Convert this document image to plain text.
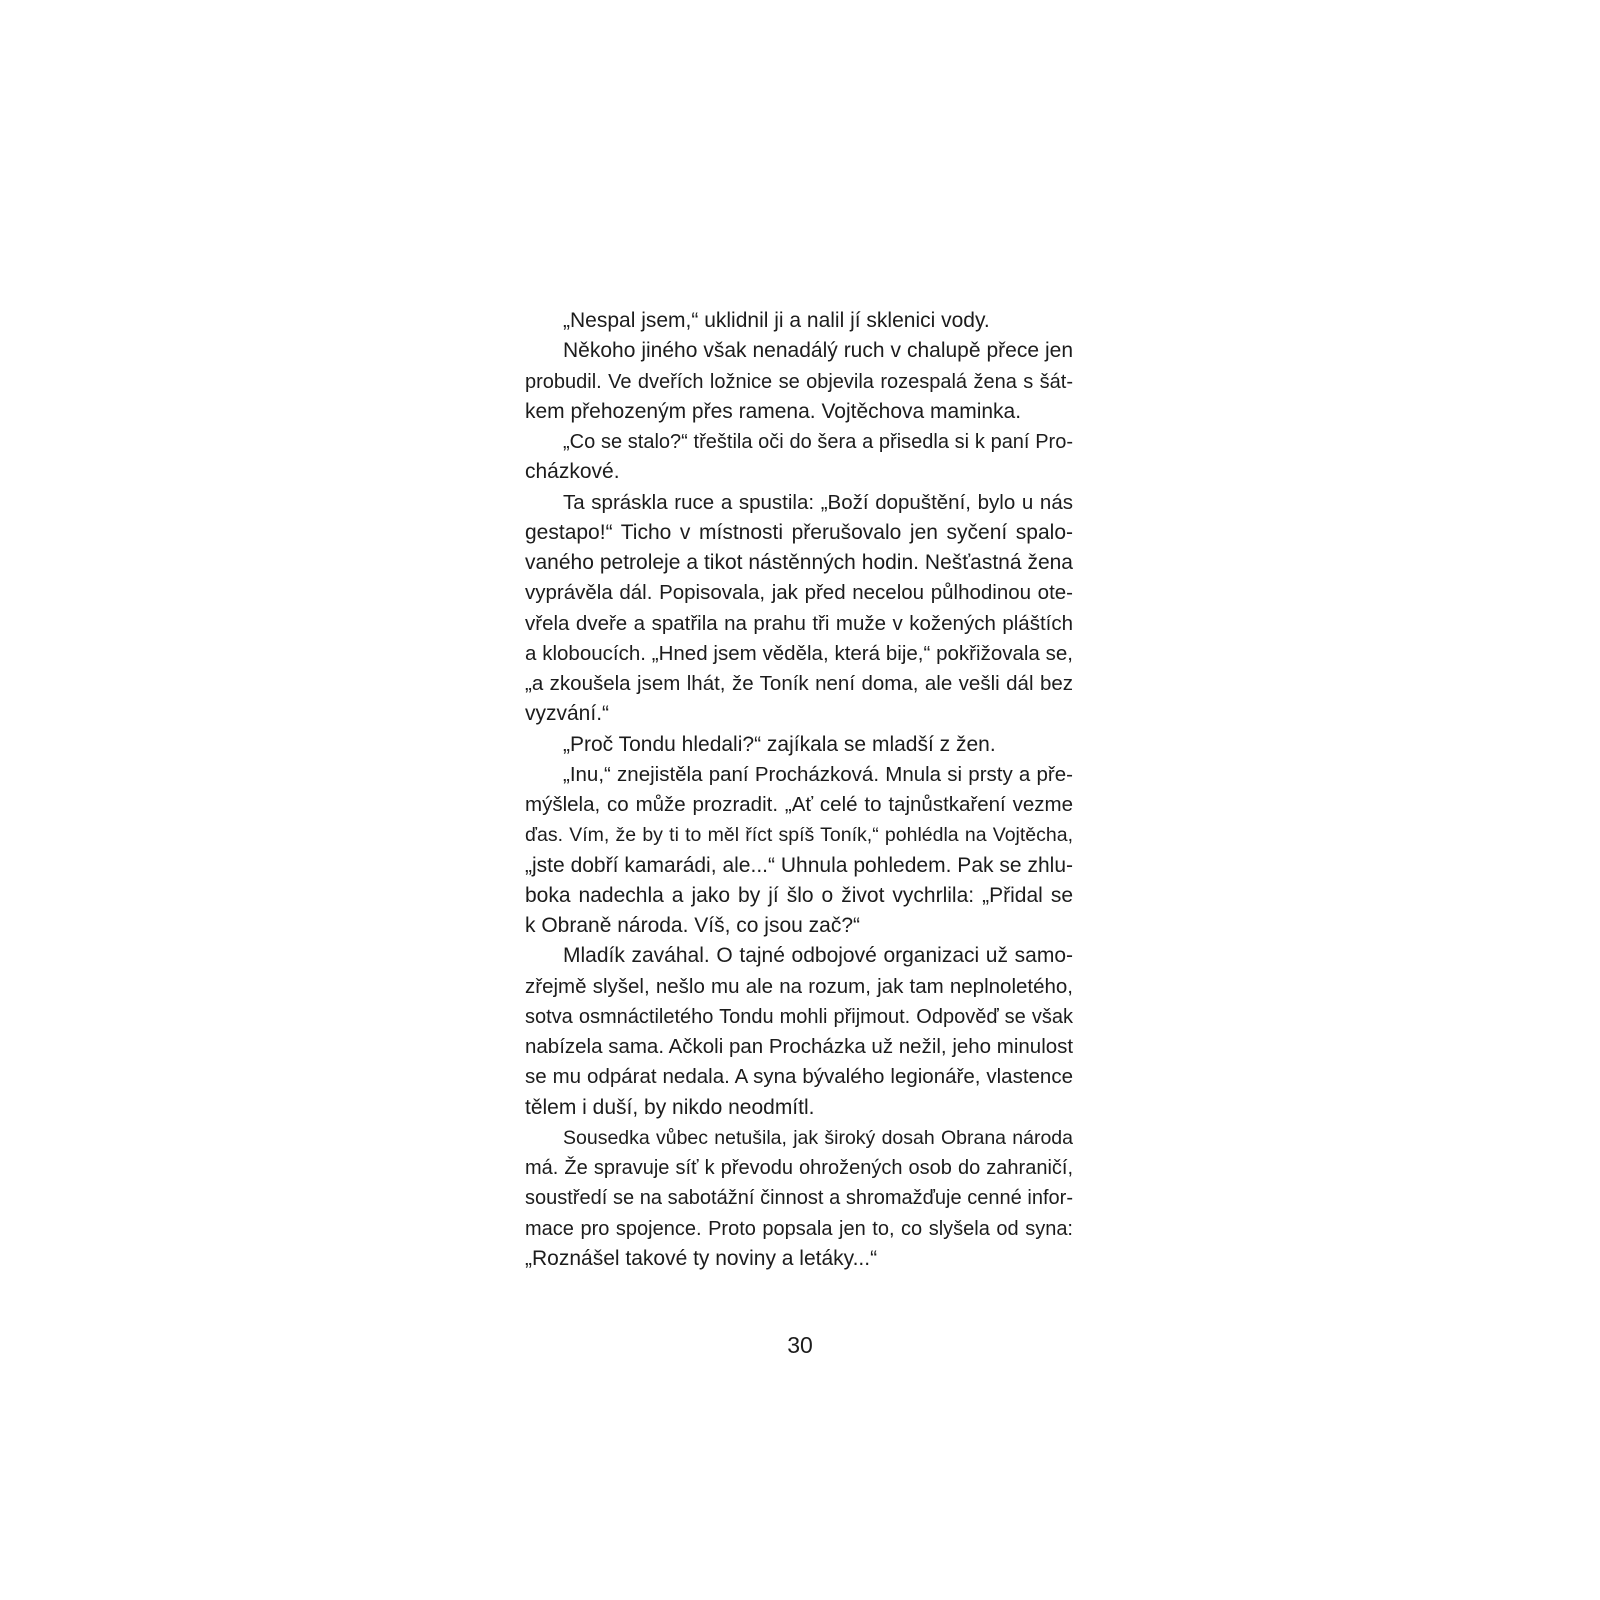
„Nespal jsem,“ uklidnil ji a nalil jí sklenici vody.
Někoho jiného však nenadálý ruch v chalupě přece jen
probudil. Ve dveřích ložnice se objevila rozespalá žena s šát-
kem přehozeným přes ramena. Vojtěchova maminka.
„Co se stalo?“ třeštila oči do šera a přisedla si k paní Pro-
cházkové.
Ta spráskla ruce a spustila: „Boží dopuštění, bylo u nás
gestapo!“ Ticho v místnosti přerušovalo jen syčení spalo-
vaného petroleje a tikot nástěnných hodin. Nešťastná žena
vyprávěla dál. Popisovala, jak před necelou půlhodinou ote-
vřela dveře a spatřila na prahu tři muže v kožených pláštích
a kloboucích. „Hned jsem věděla, která bije,“ pokřižovala se,
„a zkoušela jsem lhát, že Toník není doma, ale vešli dál bez
vyzvání.“
„Proč Tondu hledali?“ zajíkala se mladší z žen.
„Inu,“ znejistěla paní Procházková. Mnula si prsty a pře-
mýšlela, co může prozradit. „Ať celé to tajnůstkaření vezme
ďas. Vím, že by ti to měl říct spíš Toník,“ pohlédla na Vojtěcha,
„jste dobří kamarádi, ale...“ Uhnula pohledem. Pak se zhlu-
boka nadechla a jako by jí šlo o život vychrlila: „Přidal se
k Obraně národa. Víš, co jsou zač?“
Mladík zaváhal. O tajné odbojové organizaci už samo-
zřejmě slyšel, nešlo mu ale na rozum, jak tam neplnoletého,
sotva osmnáctiletého Tondu mohli přijmout. Odpověď se však
nabízela sama. Ačkoli pan Procházka už nežil, jeho minulost
se mu odpárat nedala. A syna bývalého legionáře, vlastence
tělem i duší, by nikdo neodmítl.
Sousedka vůbec netušila, jak široký dosah Obrana národa
má. Že spravuje síť k převodu ohrožených osob do zahraničí,
soustředí se na sabotážní činnost a shromažďuje cenné infor-
mace pro spojence. Proto popsala jen to, co slyšela od syna:
„Roznášel takové ty noviny a letáky...“
30
